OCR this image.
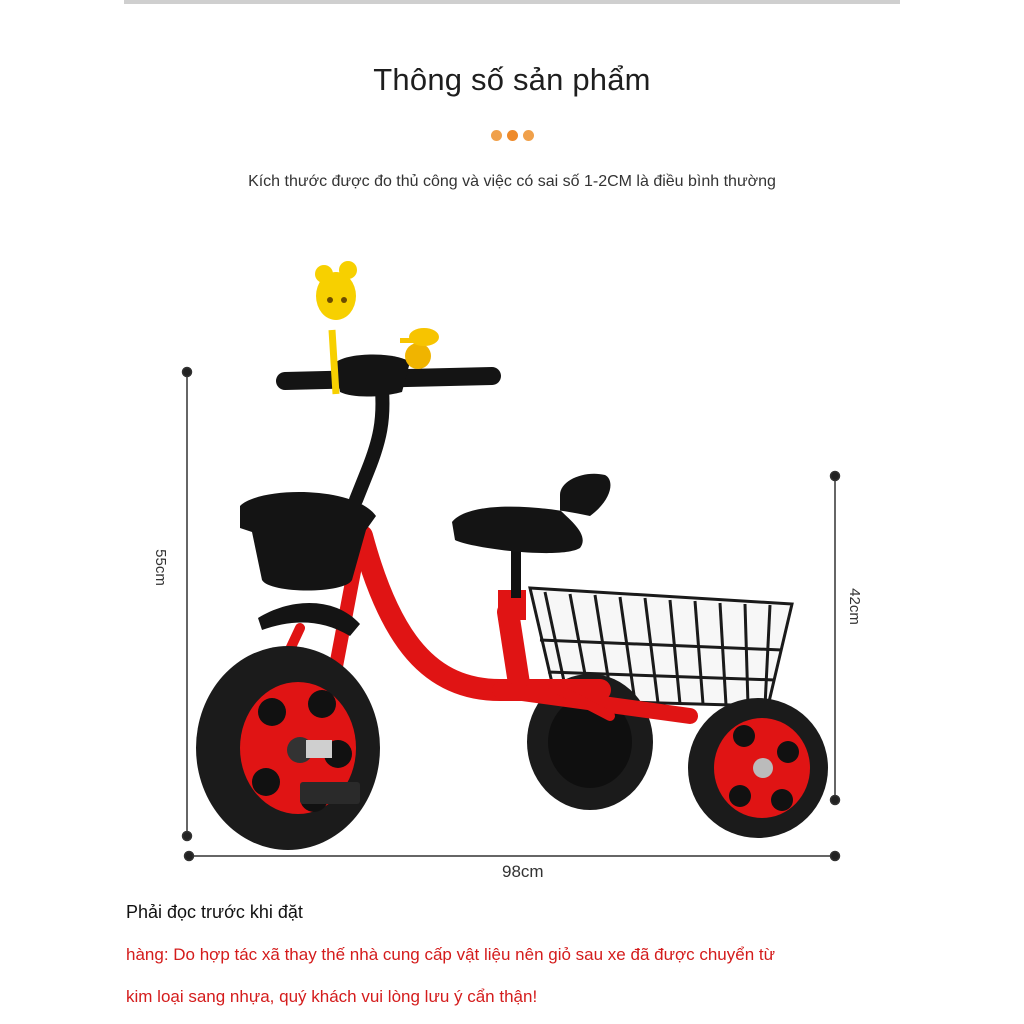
Thông số sản phẩm
Kích thước được đo thủ công và việc có sai số 1-2CM là điều bình thường
55cm
42cm
98cm
Phải đọc trước khi đặt
hàng: Do hợp tác xã thay thế nhà cung cấp vật liệu nên giỏ sau xe đã được chuyển từ
kim loại sang nhựa, quý khách vui lòng lưu ý cẩn thận!
